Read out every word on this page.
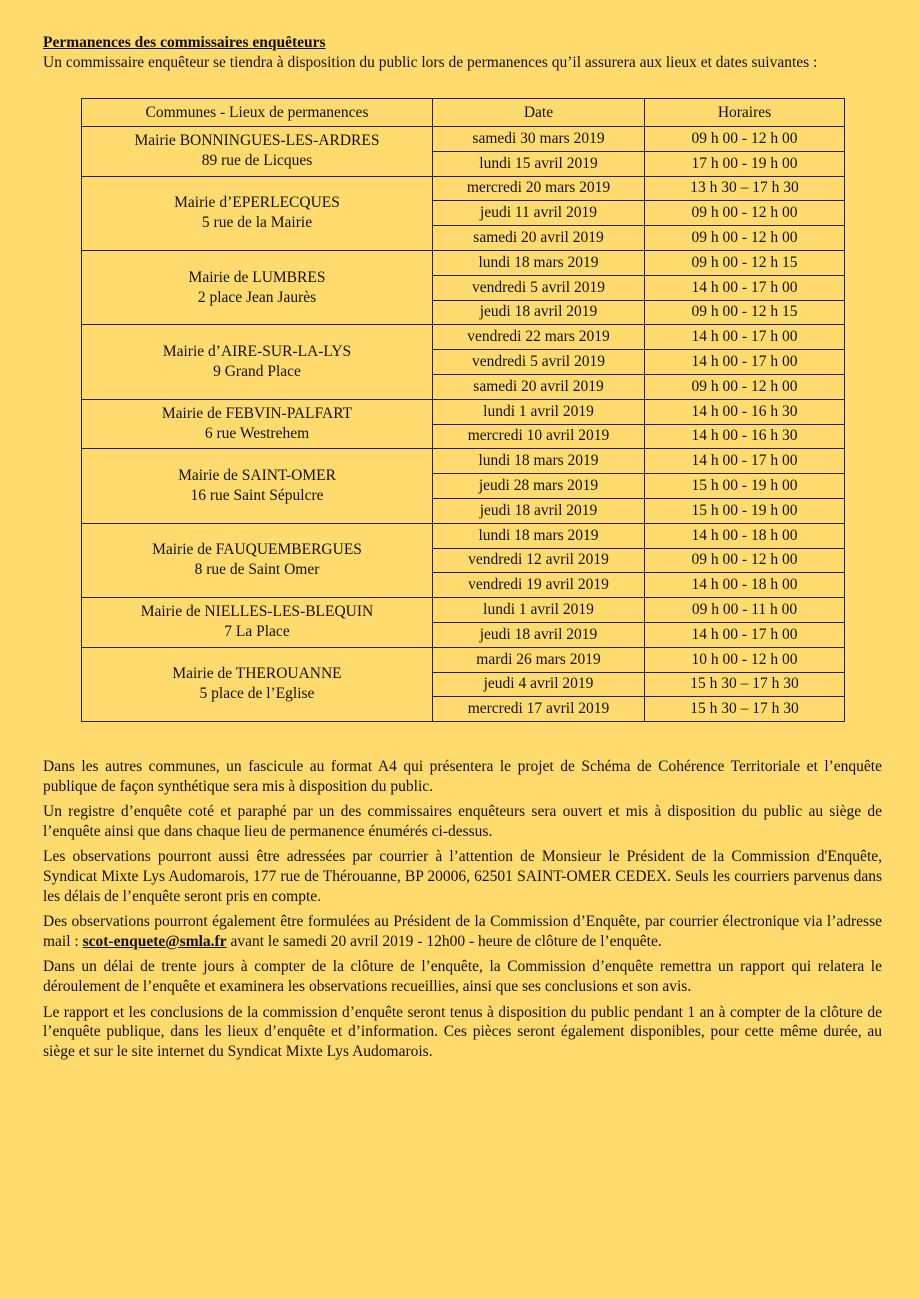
Permanences des commissaires enquêteurs

Un commissaire enquêteur se tiendra à disposition du public lors de permanences qu’il assurera aux lieux et dates suivantes :

Communes - Lieux de permanences	Date	Horaires

Mairie BONNINGUES-LES-ARDRES
89 rue de Licques	samedi 30 mars 2019	09 h 00 - 12 h 00
	lundi 15 avril 2019	17 h 00 - 19 h 00

Mairie d’EPERLECQUES
5 rue de la Mairie	mercredi 20 mars 2019	13 h 30 – 17 h 30
	jeudi 11 avril 2019	09 h 00 - 12 h 00
	samedi 20 avril 2019	09 h 00 - 12 h 00

Mairie de LUMBRES
2 place Jean Jaurès	lundi 18 mars 2019	09 h 00 - 12 h 15
	vendredi 5 avril 2019	14 h 00 - 17 h 00
	jeudi 18 avril 2019	09 h 00 - 12 h 15

Mairie d’AIRE-SUR-LA-LYS
9 Grand Place	vendredi 22 mars 2019	14 h 00 - 17 h 00
	vendredi 5 avril 2019	14 h 00 - 17 h 00
	samedi 20 avril 2019	09 h 00 - 12 h 00

Mairie de FEBVIN-PALFART
6 rue Westrehem	lundi 1 avril 2019	14 h 00 - 16 h 30
	mercredi 10 avril 2019	14 h 00 - 16 h 30

Mairie de SAINT-OMER
16 rue Saint Sépulcre	lundi 18 mars 2019	14 h 00 - 17 h 00
	jeudi 28 mars 2019	15 h 00 - 19 h 00
	jeudi 18 avril 2019	15 h 00 - 19 h 00

Mairie de FAUQUEMBERGUES
8 rue de Saint Omer	lundi 18 mars 2019	14 h 00 - 18 h 00
	vendredi 12 avril 2019	09 h 00 - 12 h 00
	vendredi 19 avril 2019	14 h 00 - 18 h 00

Mairie de NIELLES-LES-BLEQUIN
7 La Place	lundi 1 avril 2019	09 h 00 - 11 h 00
	jeudi 18 avril 2019	14 h 00 - 17 h 00

Mairie de THEROUANNE
5 place de l’Eglise	mardi 26 mars 2019	10 h 00 - 12 h 00
	jeudi 4 avril 2019	15 h 30 – 17 h 30
	mercredi 17 avril 2019	15 h 30 – 17 h 30

Dans les autres communes, un fascicule au format A4 qui présentera le projet de Schéma de Cohérence Territoriale et l’enquête publique de façon synthétique sera mis à disposition du public.

Un registre d’enquête coté et paraphé par un des commissaires enquêteurs sera ouvert et mis à disposition du public au siège de l’enquête ainsi que dans chaque lieu de permanence énumérés ci-dessus.

Les observations pourront aussi être adressées par courrier à l’attention de Monsieur le Président de la Commission d'Enquête, Syndicat Mixte Lys Audomarois, 177 rue de Thérouanne, BP 20006, 62501 SAINT-OMER CEDEX. Seuls les courriers parvenus dans les délais de l’enquête seront pris en compte.

Des observations pourront également être formulées au Président de la Commission d’Enquête, par courrier électronique via l’adresse mail : scot-enquete@smla.fr avant le samedi 20 avril 2019 - 12h00 - heure de clôture de l’enquête.

Dans un délai de trente jours à compter de la clôture de l’enquête, la Commission d’enquête remettra un rapport qui relatera le déroulement de l’enquête et examinera les observations recueillies, ainsi que ses conclusions et son avis.

Le rapport et les conclusions de la commission d’enquête seront tenus à disposition du public pendant 1 an à compter de la clôture de l’enquête publique, dans les lieux d’enquête et d’information. Ces pièces seront également disponibles, pour cette même durée, au siège et sur le site internet du Syndicat Mixte Lys Audomarois.
